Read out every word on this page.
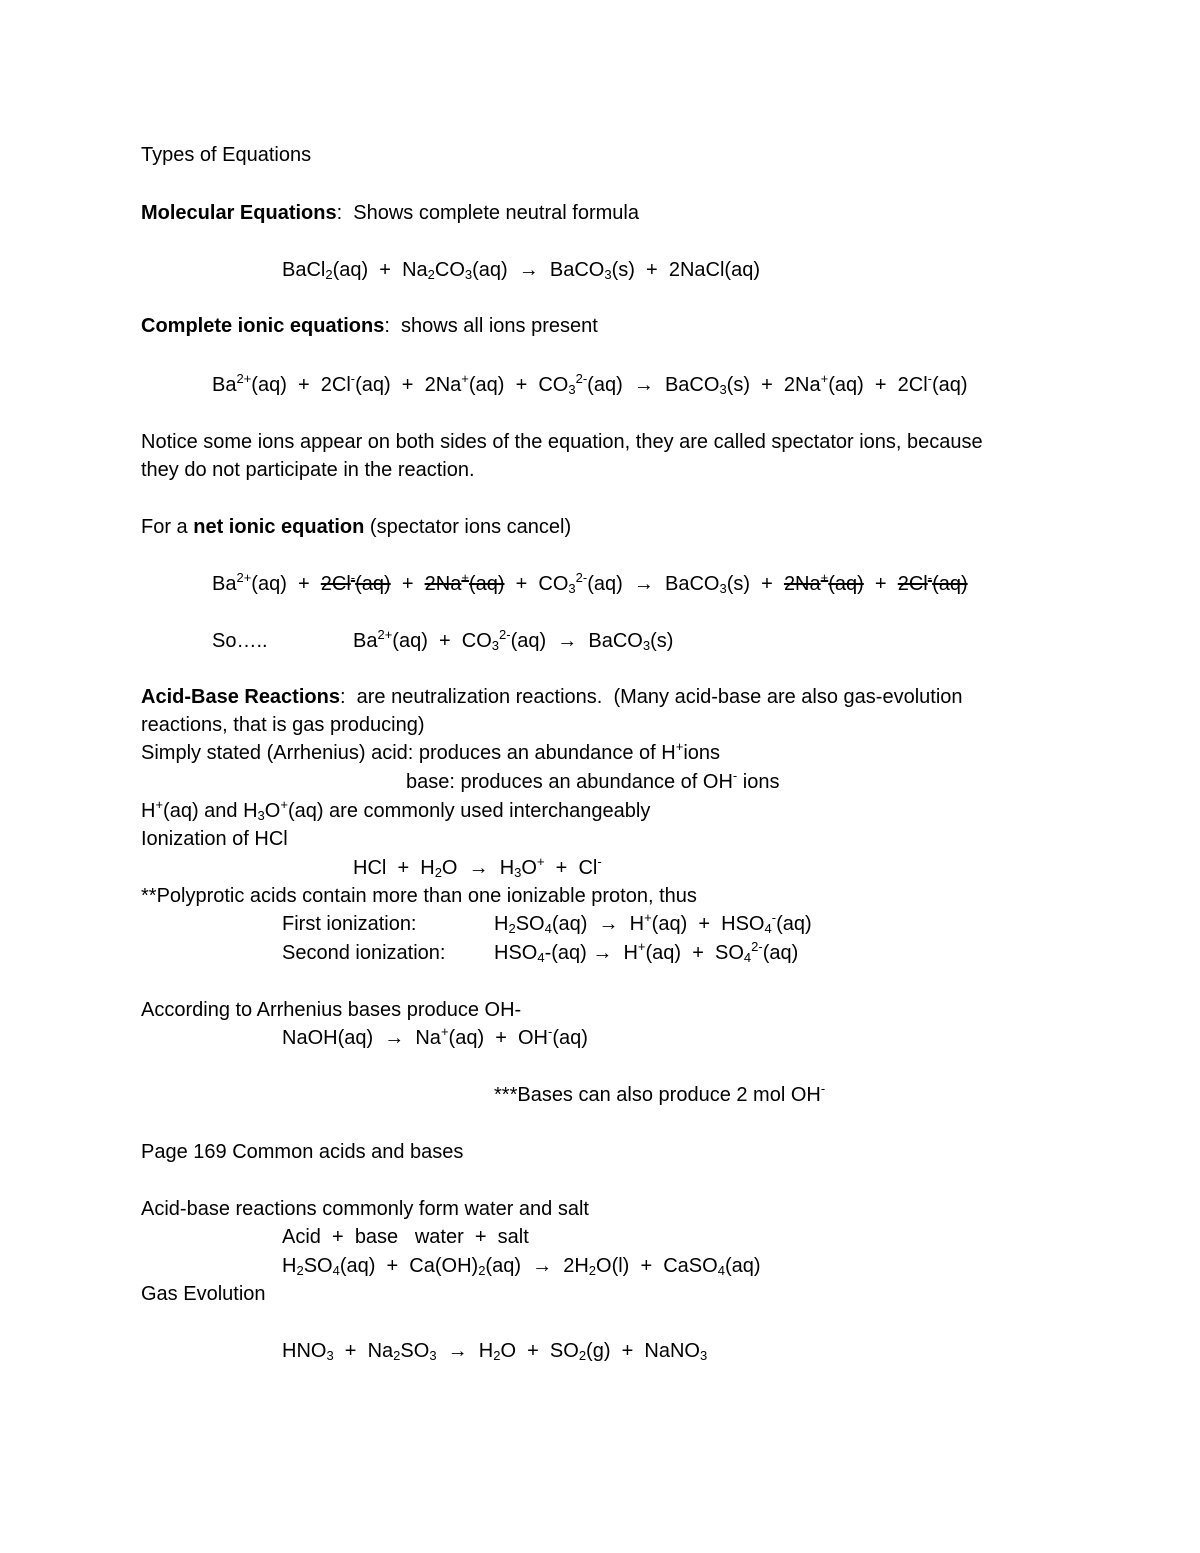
Types of Equations
Molecular Equations:  Shows complete neutral formula
BaCl$_2$(aq)  +  $Na_2CO_3(aq)$  →  BaCO$_3$(s)  +  2NaCl(aq)
Complete ionic equations:  shows all ions present
$Ba^{2+}(aq) + 2Cl^-(aq) + 2Na^+(aq) + CO_3^{2-}(aq)$  →  BaCO$_3$(s)  +  2Na+(aq)  +  2Cl-(aq)
Notice some ions appear on both sides of the equation, they are called spectator ions, because
they do not participate in the reaction.
For a net ionic equation (spectator ions cancel)
$Ba^{2+}(aq) + 2Cl^-(aq) + 2Na^+(aq) + CO_3^{2-}(aq)$  →  BaCO$_3$(s)  +  2Na+(aq)  +  2Cl-(aq)
So…..	$Ba^{2+}(aq) + CO_3^{2-}(aq)$  →  BaCO$_3$(s)
Acid-Base Reactions:  are neutralization reactions.  (Many acid-base are also gas-evolution
reactions, that is gas producing)
Simply stated (Arrhenius) acid: produces an abundance of H+ions
base: produces an abundance of OH- ions
H+(aq) and $H_3O^+(aq)$ are commonly used interchangeably
Ionization of HCl
HCl  +  $H_2O \to H_3O^+ + Cl^-$
**Polyprotic acids contain more than one ionizable proton, thus
First ionization:	$H_2SO_4(aq) \to H^+(aq) + HSO_4^-(aq)$
Second ionization: $HSO_4-(aq) \to H^+(aq) + SO_4^{2-}(aq)$
According to Arrhenius bases produce OH-
NaOH(aq)  →  Na+(aq)  +  OH-(aq)
***Bases can also produce 2 mol OH-
Page 169 Common acids and bases
Acid-base reactions commonly form water and salt
Acid  +  base   water  +  salt
$H_2SO_4(aq) + Ca(OH)_2(aq) \to 2H_2O(l)$  +  CaSO$_4$(aq)
Gas Evolution
$HNO_3 + Na_2SO_3 \to H_2O + SO_2(g)$  +  NaNO$_3$
